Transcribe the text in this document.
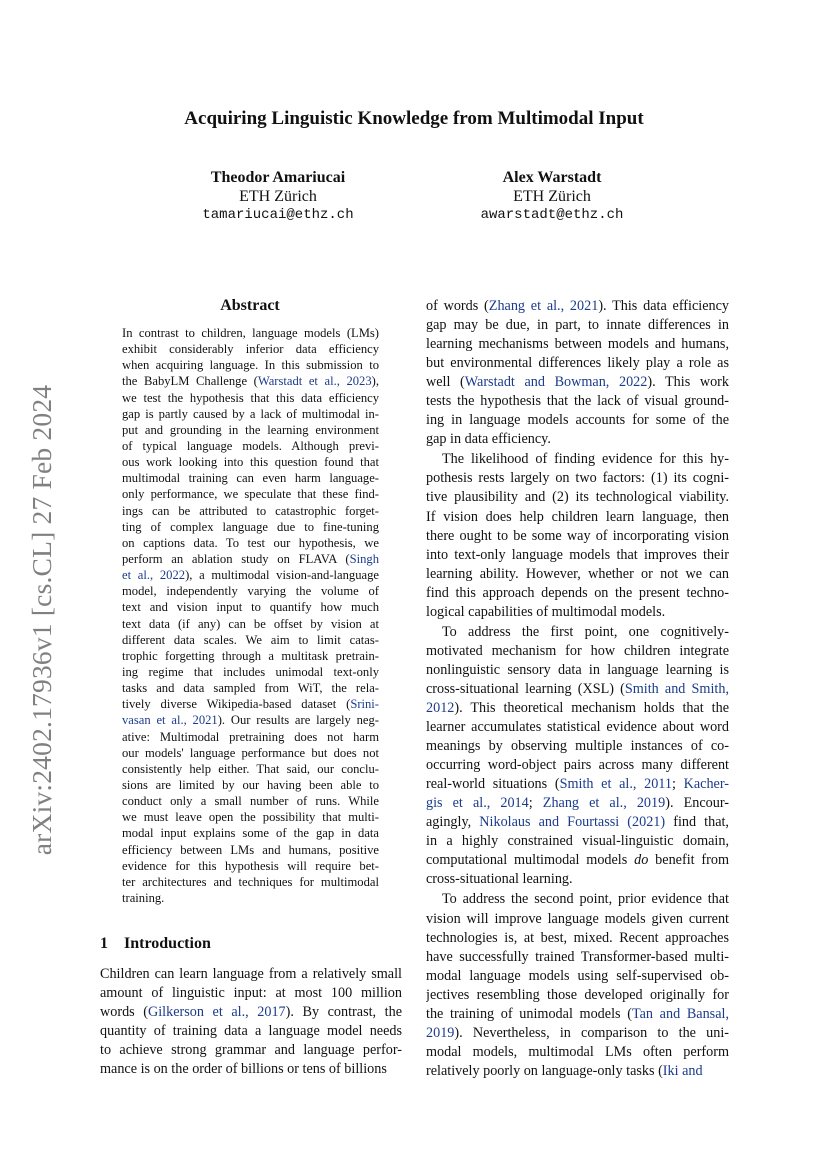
arXiv:2402.17936v1 [cs.CL] 27 Feb 2024
Acquiring Linguistic Knowledge from Multimodal Input
Theodor Amariucai
ETH Zürich
tamariucai@ethz.ch
Alex Warstadt
ETH Zürich
awarstadt@ethz.ch
Abstract
In contrast to children, language models (LMs)
exhibit considerably inferior data efficiency
when acquiring language. In this submission to
the BabyLM Challenge (Warstadt et al., 2023),
we test the hypothesis that this data efficiency
gap is partly caused by a lack of multimodal in-
put and grounding in the learning environment
of typical language models. Although previ-
ous work looking into this question found that
multimodal training can even harm language-
only performance, we speculate that these find-
ings can be attributed to catastrophic forget-
ting of complex language due to fine-tuning
on captions data. To test our hypothesis, we
perform an ablation study on FLAVA (Singh
et al., 2022), a multimodal vision-and-language
model, independently varying the volume of
text and vision input to quantify how much
text data (if any) can be offset by vision at
different data scales. We aim to limit catas-
trophic forgetting through a multitask pretrain-
ing regime that includes unimodal text-only
tasks and data sampled from WiT, the rela-
tively diverse Wikipedia-based dataset (Srini-
vasan et al., 2021). Our results are largely neg-
ative: Multimodal pretraining does not harm
our models' language performance but does not
consistently help either. That said, our conclu-
sions are limited by our having been able to
conduct only a small number of runs. While
we must leave open the possibility that multi-
modal input explains some of the gap in data
efficiency between LMs and humans, positive
evidence for this hypothesis will require bet-
ter architectures and techniques for multimodal
training.
1 Introduction
Children can learn language from a relatively small
amount of linguistic input: at most 100 million
words (Gilkerson et al., 2017). By contrast, the
quantity of training data a language model needs
to achieve strong grammar and language perfor-
mance is on the order of billions or tens of billions
of words (Zhang et al., 2021). This data efficiency
gap may be due, in part, to innate differences in
learning mechanisms between models and humans,
but environmental differences likely play a role as
well (Warstadt and Bowman, 2022). This work
tests the hypothesis that the lack of visual ground-
ing in language models accounts for some of the
gap in data efficiency.
The likelihood of finding evidence for this hy-
pothesis rests largely on two factors: (1) its cogni-
tive plausibility and (2) its technological viability.
If vision does help children learn language, then
there ought to be some way of incorporating vision
into text-only language models that improves their
learning ability. However, whether or not we can
find this approach depends on the present techno-
logical capabilities of multimodal models.
To address the first point, one cognitively-
motivated mechanism for how children integrate
nonlinguistic sensory data in language learning is
cross-situational learning (XSL) (Smith and Smith,
2012). This theoretical mechanism holds that the
learner accumulates statistical evidence about word
meanings by observing multiple instances of co-
occurring word-object pairs across many different
real-world situations (Smith et al., 2011; Kacher-
gis et al., 2014; Zhang et al., 2019). Encour-
agingly, Nikolaus and Fourtassi (2021) find that,
in a highly constrained visual-linguistic domain,
computational multimodal models do benefit from
cross-situational learning.
To address the second point, prior evidence that
vision will improve language models given current
technologies is, at best, mixed. Recent approaches
have successfully trained Transformer-based multi-
modal language models using self-supervised ob-
jectives resembling those developed originally for
the training of unimodal models (Tan and Bansal,
2019). Nevertheless, in comparison to the uni-
modal models, multimodal LMs often perform
relatively poorly on language-only tasks (Iki and
